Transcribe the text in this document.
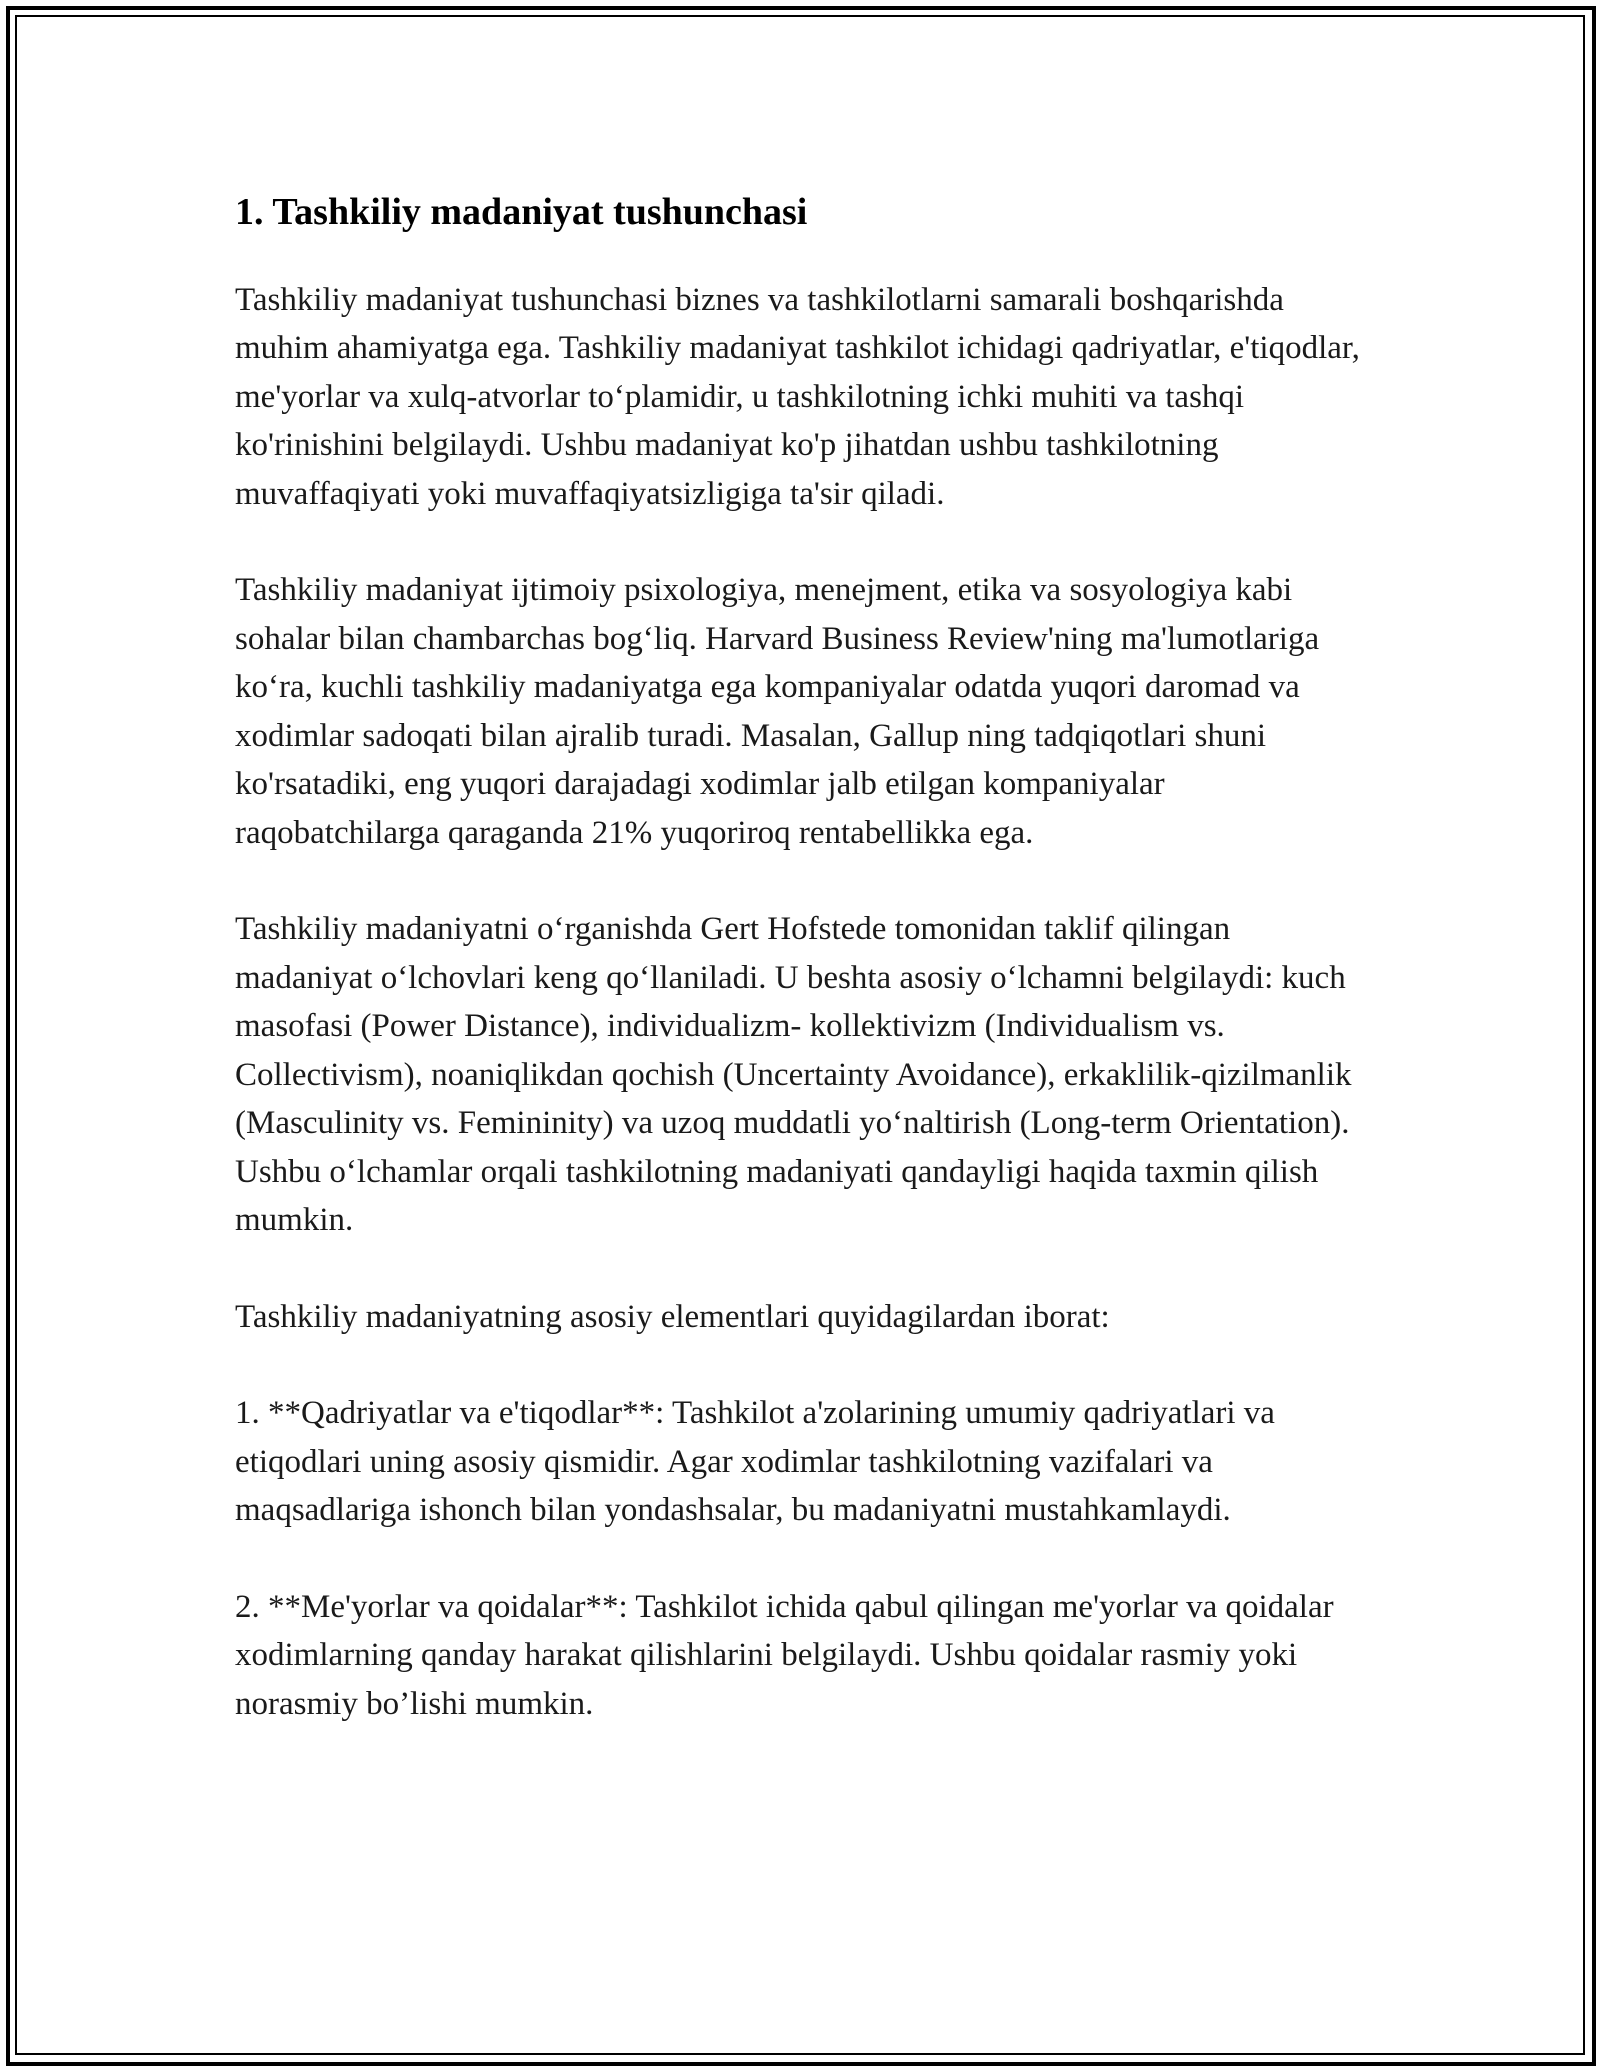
1. Tashkiliy madaniyat tushunchasi

Tashkiliy madaniyat tushunchasi biznes va tashkilotlarni samarali boshqarishda muhim ahamiyatga ega. Tashkiliy madaniyat tashkilot ichidagi qadriyatlar, e'tiqodlar, me'yorlar va xulq-atvorlar to‘plamidir, u tashkilotning ichki muhiti va tashqi ko'rinishini belgilaydi. Ushbu madaniyat ko'p jihatdan ushbu tashkilotning muvaffaqiyati yoki muvaffaqiyatsizligiga ta'sir qiladi.

Tashkiliy madaniyat ijtimoiy psixologiya, menejment, etika va sosyologiya kabi sohalar bilan chambarchas bog‘liq. Harvard Business Review'ning ma'lumotlariga ko‘ra, kuchli tashkiliy madaniyatga ega kompaniyalar odatda yuqori daromad va xodimlar sadoqati bilan ajralib turadi. Masalan, Gallup ning tadqiqotlari shuni ko'rsatadiki, eng yuqori darajadagi xodimlar jalb etilgan kompaniyalar raqobatchilarga qaraganda 21% yuqoriroq rentabellikka ega.

Tashkiliy madaniyatni o‘rganishda Gert Hofstede tomonidan taklif qilingan madaniyat o‘lchovlari keng qo‘llaniladi. U beshta asosiy o‘lchamni belgilaydi: kuch masofasi (Power Distance), individualizm- kollektivizm (Individualism vs. Collectivism), noaniqlikdan qochish (Uncertainty Avoidance), erkaklilik-qizilmanlik (Masculinity vs. Femininity) va uzoq muddatli yo‘naltirish (Long-term Orientation). Ushbu o‘lchamlar orqali tashkilotning madaniyati qandayligi haqida taxmin qilish mumkin.

Tashkiliy madaniyatning asosiy elementlari quyidagilardan iborat:

1. **Qadriyatlar va e'tiqodlar**: Tashkilot a'zolarining umumiy qadriyatlari va etiqodlari uning asosiy qismidir. Agar xodimlar tashkilotning vazifalari va maqsadlariga ishonch bilan yondashsalar, bu madaniyatni mustahkamlaydi.

2. **Me'yorlar va qoidalar**: Tashkilot ichida qabul qilingan me'yorlar va qoidalar xodimlarning qanday harakat qilishlarini belgilaydi. Ushbu qoidalar rasmiy yoki norasmiy bo’lishi mumkin.
